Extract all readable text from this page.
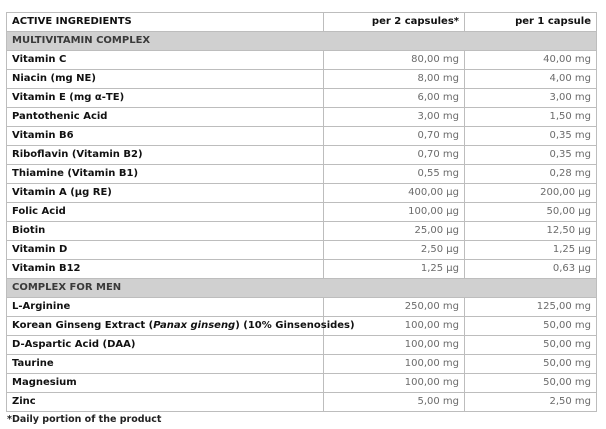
ACTIVE INGREDIENTS	per 2 capsules*	per 1 capsule
MULTIVITAMIN COMPLEX		
Vitamin C	80,00 mg	40,00 mg
Niacin (mg NE)	8,00 mg	4,00 mg
Vitamin E (mg α-TE)	6,00 mg	3,00 mg
Pantothenic Acid	3,00 mg	1,50 mg
Vitamin B6	0,70 mg	0,35 mg
Riboflavin (Vitamin B2)	0,70 mg	0,35 mg
Thiamine (Vitamin B1)	0,55 mg	0,28 mg
Vitamin A (µg RE)	400,00 µg	200,00 µg
Folic Acid	100,00 µg	50,00 µg
Biotin	25,00 µg	12,50 µg
Vitamin D	2,50 µg	1,25 µg
Vitamin B12	1,25 µg	0,63 µg
COMPLEX FOR MEN		
L-Arginine	250,00 mg	125,00 mg
Korean Ginseng Extract (Panax ginseng) (10% Ginsenosides)	100,00 mg	50,00 mg
D-Aspartic Acid (DAA)	100,00 mg	50,00 mg
Taurine	100,00 mg	50,00 mg
Magnesium	100,00 mg	50,00 mg
Zinc	5,00 mg	2,50 mg
*Daily portion of the product
